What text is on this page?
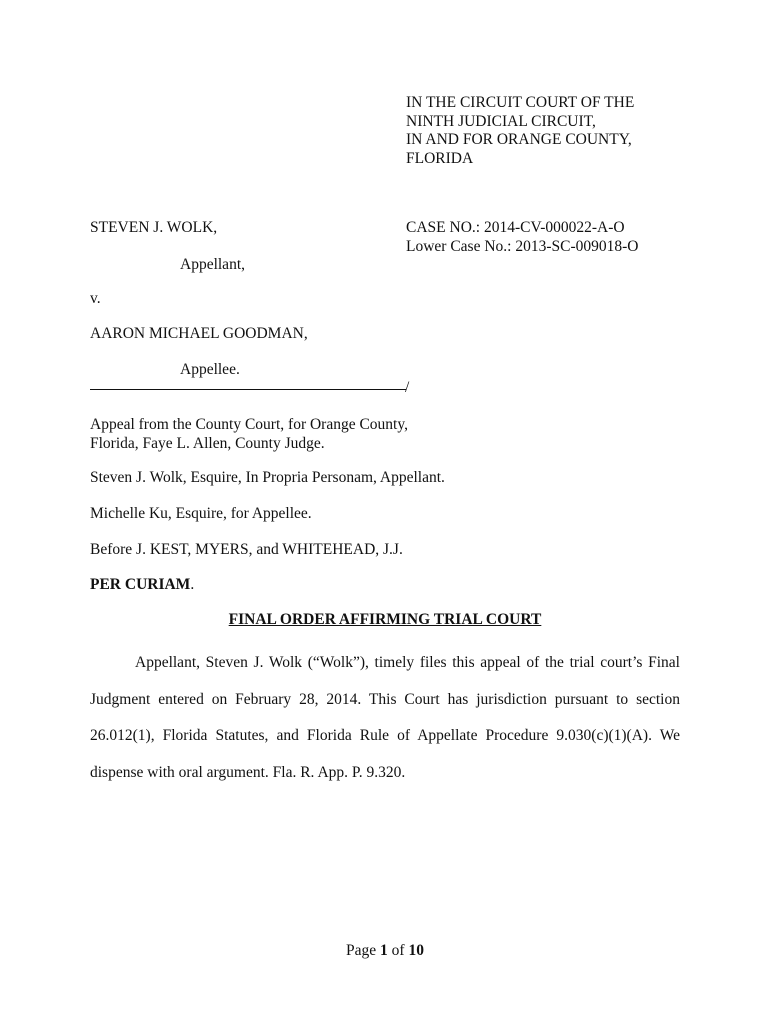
IN THE CIRCUIT COURT OF THE
NINTH JUDICIAL CIRCUIT,
IN AND FOR ORANGE COUNTY,
FLORIDA
STEVEN J. WOLK,
Appellant,
v.
AARON MICHAEL GOODMAN,
Appellee.
/
CASE NO.: 2014-CV-000022-A-O
Lower Case No.: 2013-SC-009018-O
Appeal from the County Court, for Orange County,
Florida, Faye L. Allen, County Judge.
Steven J. Wolk, Esquire, In Propria Personam, Appellant.
Michelle Ku, Esquire, for Appellee.
Before J. KEST, MYERS, and WHITEHEAD, J.J.
PER CURIAM.
FINAL ORDER AFFIRMING TRIAL COURT

Appellant, Steven J. Wolk (“Wolk”), timely files this appeal of the trial court’s Final Judgment entered on February 28, 2014. This Court has jurisdiction pursuant to section 26.012(1), Florida Statutes, and Florida Rule of Appellate Procedure 9.030(c)(1)(A). We dispense with oral argument. Fla. R. App. P. 9.320.

Page 1 of 10
